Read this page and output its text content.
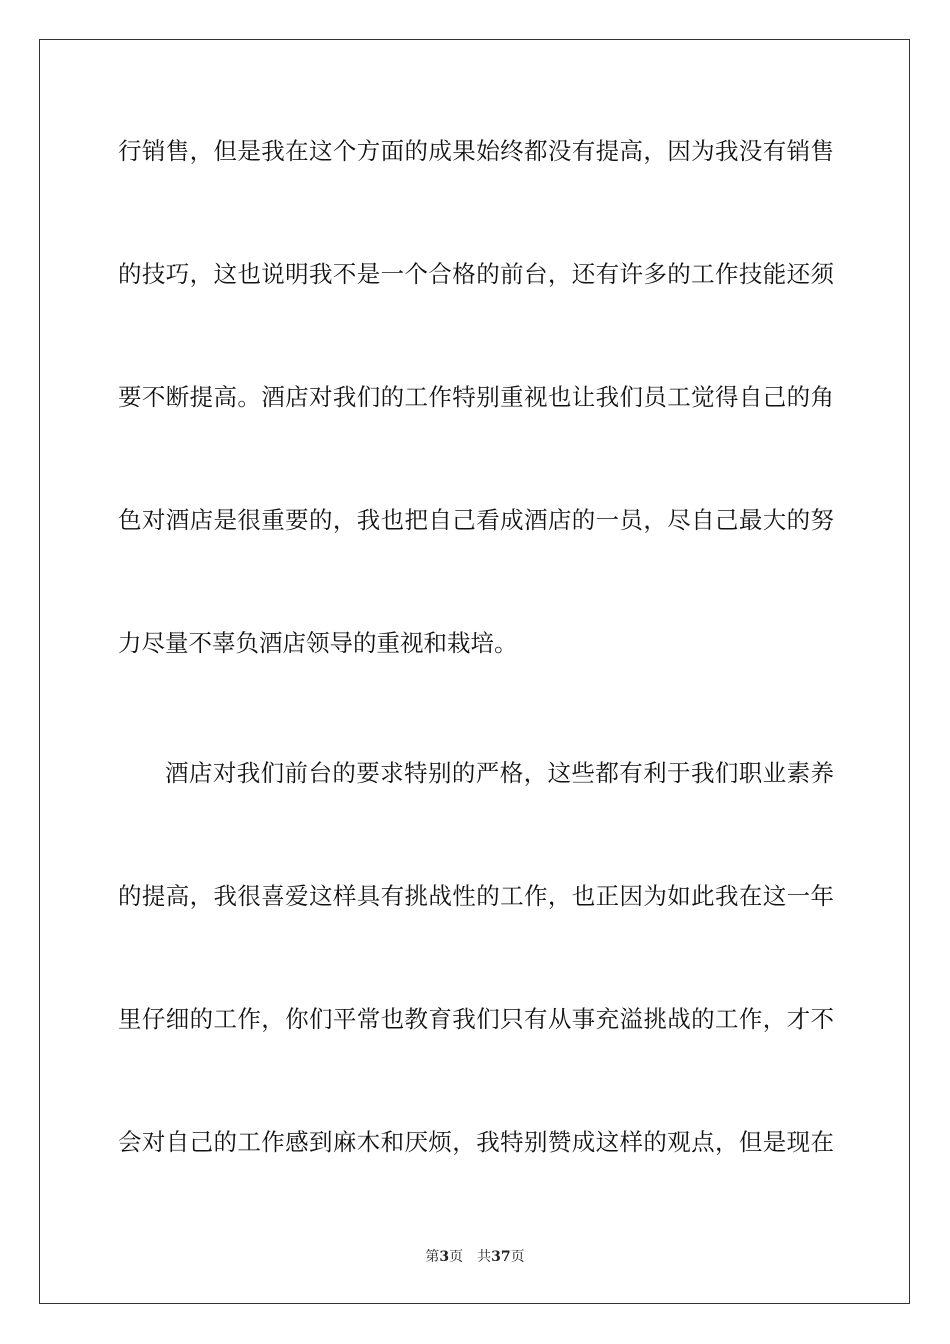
行销售，但是我在这个方面的成果始终都没有提高，因为我没有销售
的技巧，这也说明我不是一个合格的前台，还有许多的工作技能还须
要不断提高。酒店对我们的工作特别重视也让我们员工觉得自己的角
色对酒店是很重要的，我也把自己看成酒店的一员，尽自己最大的努
力尽量不辜负酒店领导的重视和栽培。
酒店对我们前台的要求特别的严格，这些都有利于我们职业素养
的提高，我很喜爱这样具有挑战性的工作，也正因为如此我在这一年
里仔细的工作，你们平常也教育我们只有从事充溢挑战的工作，才不
会对自己的工作感到麻木和厌烦，我特别赞成这样的观点，但是现在
第3页 共37页
